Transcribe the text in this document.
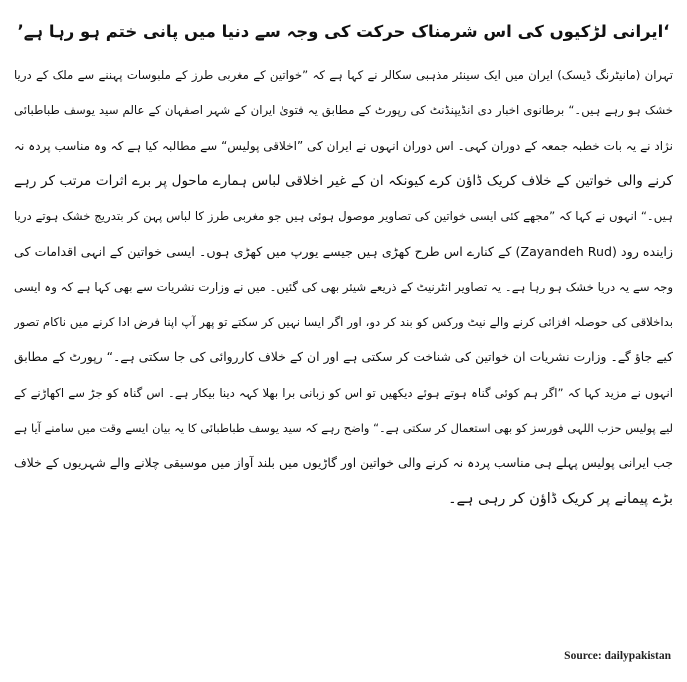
‘ایرانی لڑکیوں کی اس شرمناک حرکت کی وجہ سے دنیا میں پانی ختم ہو رہا ہے’
تہران (مانیٹرنگ ڈیسک) ایران میں ایک سینئر مذہبی سکالر نے کہا ہے کہ ”خواتین کے مغربی طرز کے ملبوسات پہننے سے ملک کے دریا
خشک ہو رہے ہیں۔“ برطانوی اخبار دی انڈیپنڈنٹ کی رپورٹ کے مطابق یہ فتویٰ ایران کے شہر اصفہان کے عالم سید یوسف طباطبائی
نژاد نے یہ بات خطبہ جمعہ کے دوران کہی۔ اس دوران انہوں نے ایران کی ”اخلاقی پولیس“ سے مطالبہ کیا ہے کہ وہ مناسب پردہ نہ
کرنے والی خواتین کے خلاف کریک ڈاؤن کرے کیونکہ ان کے غیر اخلاقی لباس ہمارے ماحول پر برے اثرات مرتب کر رہے
ہیں۔“ انہوں نے کہا کہ ”مجھے کئی ایسی خواتین کی تصاویر موصول ہوئی ہیں جو مغربی طرز کا لباس پہن کر بتدریج خشک ہوتے دریا
زاینده رود (Zayandeh Rud) کے کنارے اس طرح کھڑی ہیں جیسے یورپ میں کھڑی ہوں۔ ایسی خواتین کے انہی اقدامات کی
وجہ سے یہ دریا خشک ہو رہا ہے۔ یہ تصاویر انٹرنیٹ کے ذریعے شیئر بھی کی گئیں۔ میں نے وزارت نشریات سے بھی کہا ہے کہ وہ ایسی
بداخلاقی کی حوصلہ افزائی کرنے والے نیٹ ورکس کو بند کر دو، اور اگر ایسا نہیں کر سکتے تو پھر آپ اپنا فرض ادا کرنے میں ناکام تصور
کیے جاؤ گے۔ وزارت نشریات ان خواتین کی شناخت کر سکتی ہے اور ان کے خلاف کارروائی کی جا سکتی ہے۔“ رپورٹ کے مطابق
انہوں نے مزید کہا کہ ”اگر ہم کوئی گناہ ہوتے ہوئے دیکھیں تو اس کو زبانی برا بھلا کہہ دینا بیکار ہے۔ اس گناہ کو جڑ سے اکھاڑنے کے
لیے پولیس حزب اللہی فورسز کو بھی استعمال کر سکتی ہے۔“ واضح رہے کہ سید یوسف طباطبائی کا یہ بیان ایسے وقت میں سامنے آیا ہے
جب ایرانی پولیس پہلے ہی مناسب پردہ نہ کرنے والی خواتین اور گاڑیوں میں بلند آواز میں موسیقی چلانے والے شہریوں کے خلاف
بڑے پیمانے پر کریک ڈاؤن کر رہی ہے۔
Source: dailypakistan
